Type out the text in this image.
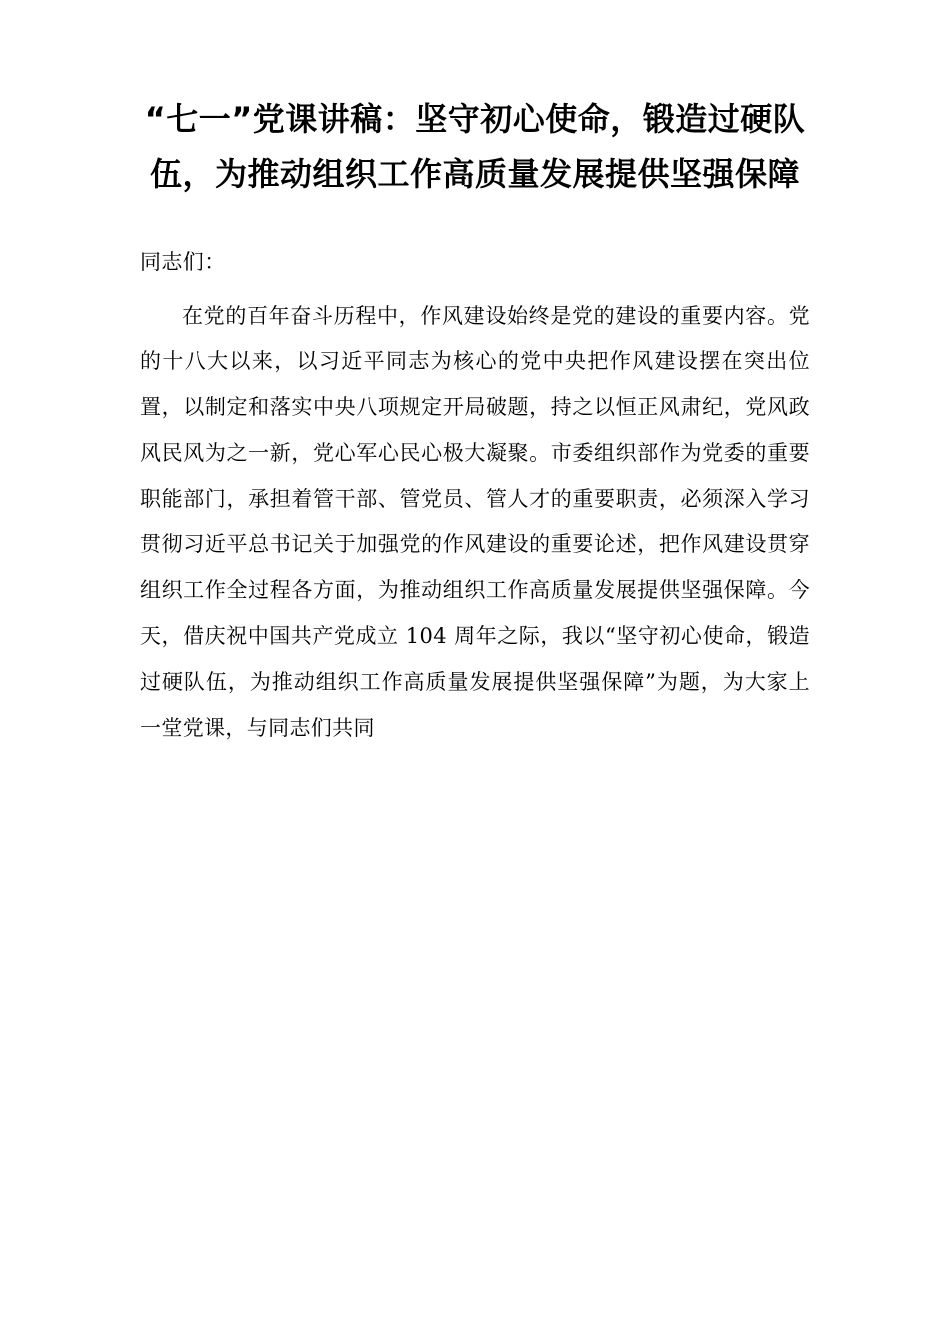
“七一”党课讲稿：坚守初心使命，锻造过硬队伍，为推动组织工作高质量发展提供坚强保障

同志们：

在党的百年奋斗历程中，作风建设始终是党的建设的重要内容。党的十八大以来，以习近平同志为核心的党中央把作风建设摆在突出位置，以制定和落实中央八项规定开局破题，持之以恒正风肃纪，党风政风民风为之一新，党心军心民心极大凝聚。市委组织部作为党委的重要职能部门，承担着管干部、管党员、管人才的重要职责，必须深入学习贯彻习近平总书记关于加强党的作风建设的重要论述，把作风建设贯穿组织工作全过程各方面，为推动组织工作高质量发展提供坚强保障。今天，借庆祝中国共产党成立 104 周年之际，我以“坚守初心使命，锻造过硬队伍，为推动组织工作高质量发展提供坚强保障”为题，为大家上一堂党课，与同志们共同
